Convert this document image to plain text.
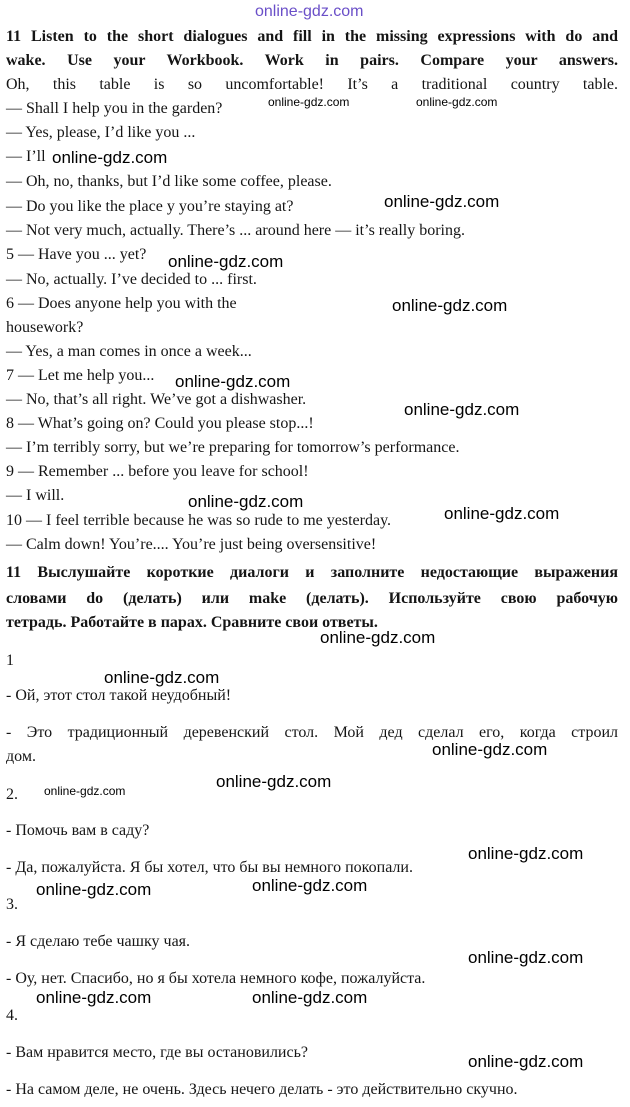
11 Listen to the short dialogues and fill in the missing expressions with do and

wake. Use your Workbook. Work in pairs. Compare your answers.

Oh, this table is so uncomfortable! It’s a traditional country table.

— Shall I help you in the garden?

— Yes, please, I’d like you ...

— I’ll

— Oh, no, thanks, but I’d like some coffee, please.

— Do you like the place y you’re staying at?

— Not very much, actually. There’s ... around here — it’s really boring.

5 — Have you ... yet?

— No, actually. I’ve decided to ... first.

6 — Does anyone help you with the

housework?

— Yes, a man comes in once a week...

7 — Let me help you...

— No, that’s all right. We’ve got a dishwasher.

8 — What’s going on? Could you please stop...!

— I’m terribly sorry, but we’re preparing for tomorrow’s performance.

9 — Remember ... before you leave for school!

— I will.

10 — I feel terrible because he was so rude to me yesterday.

— Calm down! You’re.... You’re just being oversensitive!

11 Выслушайте короткие диалоги и заполните недостающие выражения

словами do (делать) или make (делать). Используйте свою рабочую

тетрадь. Работайте в парах. Сравните свои ответы.

1

- Ой, этот стол такой неудобный!

- Это традиционный деревенский стол. Мой дед сделал его, когда строил

дом.

2.

- Помочь вам в саду?

- Да, пожалуйста. Я бы хотел, что бы вы немного покопали.

3.

- Я сделаю тебе чашку чая.

- Оу, нет. Спасибо, но я бы хотела немного кофе, пожалуйста.

4.

- Вам нравится место, где вы остановились?

- На самом деле, не очень. Здесь нечего делать - это действительно скучно.

online-gdz.com

online-gdz.com	online-gdz.com

online-gdz.com

online-gdz.com

online-gdz.com

online-gdz.com

online-gdz.com

online-gdz.com

online-gdz.com

online-gdz.com

online-gdz.com

online-gdz.com

online-gdz.com

online-gdz.com

online-gdz.com

online-gdz.com

online-gdz.com	online-gdz.com

online-gdz.com

online-gdz.com	online-gdz.com

online-gdz.com
